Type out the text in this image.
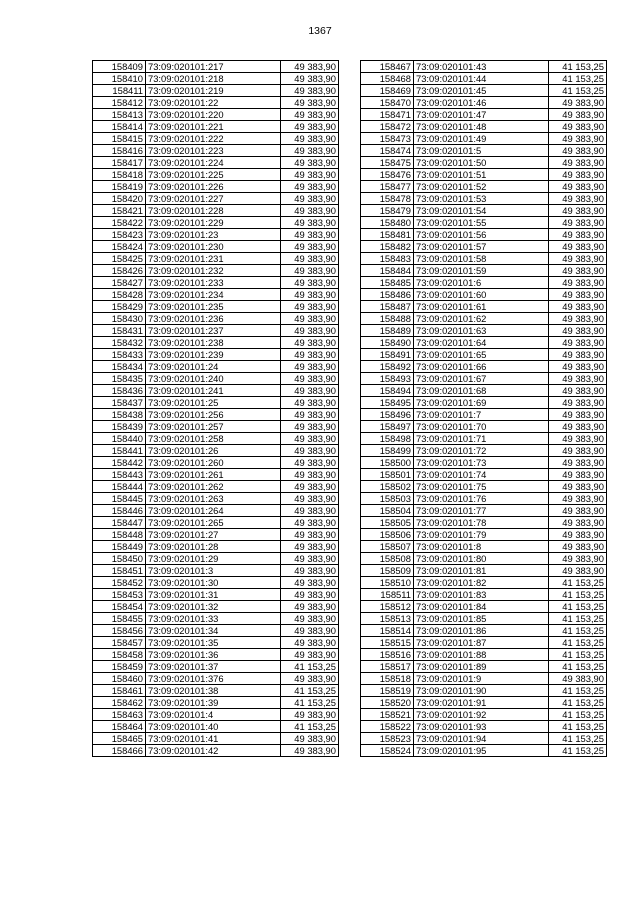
1367
158409	73:09:020101:217	49 383,90
158410	73:09:020101:218	49 383,90
158411	73:09:020101:219	49 383,90
158412	73:09:020101:22	49 383,90
158413	73:09:020101:220	49 383,90
158414	73:09:020101:221	49 383,90
158415	73:09:020101:222	49 383,90
158416	73:09:020101:223	49 383,90
158417	73:09:020101:224	49 383,90
158418	73:09:020101:225	49 383,90
158419	73:09:020101:226	49 383,90
158420	73:09:020101:227	49 383,90
158421	73:09:020101:228	49 383,90
158422	73:09:020101:229	49 383,90
158423	73:09:020101:23	49 383,90
158424	73:09:020101:230	49 383,90
158425	73:09:020101:231	49 383,90
158426	73:09:020101:232	49 383,90
158427	73:09:020101:233	49 383,90
158428	73:09:020101:234	49 383,90
158429	73:09:020101:235	49 383,90
158430	73:09:020101:236	49 383,90
158431	73:09:020101:237	49 383,90
158432	73:09:020101:238	49 383,90
158433	73:09:020101:239	49 383,90
158434	73:09:020101:24	49 383,90
158435	73:09:020101:240	49 383,90
158436	73:09:020101:241	49 383,90
158437	73:09:020101:25	49 383,90
158438	73:09:020101:256	49 383,90
158439	73:09:020101:257	49 383,90
158440	73:09:020101:258	49 383,90
158441	73:09:020101:26	49 383,90
158442	73:09:020101:260	49 383,90
158443	73:09:020101:261	49 383,90
158444	73:09:020101:262	49 383,90
158445	73:09:020101:263	49 383,90
158446	73:09:020101:264	49 383,90
158447	73:09:020101:265	49 383,90
158448	73:09:020101:27	49 383,90
158449	73:09:020101:28	49 383,90
158450	73:09:020101:29	49 383,90
158451	73:09:020101:3	49 383,90
158452	73:09:020101:30	49 383,90
158453	73:09:020101:31	49 383,90
158454	73:09:020101:32	49 383,90
158455	73:09:020101:33	49 383,90
158456	73:09:020101:34	49 383,90
158457	73:09:020101:35	49 383,90
158458	73:09:020101:36	49 383,90
158459	73:09:020101:37	41 153,25
158460	73:09:020101:376	49 383,90
158461	73:09:020101:38	41 153,25
158462	73:09:020101:39	41 153,25
158463	73:09:020101:4	49 383,90
158464	73:09:020101:40	41 153,25
158465	73:09:020101:41	49 383,90
158466	73:09:020101:42	49 383,90
158467	73:09:020101:43	41 153,25
158468	73:09:020101:44	41 153,25
158469	73:09:020101:45	41 153,25
158470	73:09:020101:46	49 383,90
158471	73:09:020101:47	49 383,90
158472	73:09:020101:48	49 383,90
158473	73:09:020101:49	49 383,90
158474	73:09:020101:5	49 383,90
158475	73:09:020101:50	49 383,90
158476	73:09:020101:51	49 383,90
158477	73:09:020101:52	49 383,90
158478	73:09:020101:53	49 383,90
158479	73:09:020101:54	49 383,90
158480	73:09:020101:55	49 383,90
158481	73:09:020101:56	49 383,90
158482	73:09:020101:57	49 383,90
158483	73:09:020101:58	49 383,90
158484	73:09:020101:59	49 383,90
158485	73:09:020101:6	49 383,90
158486	73:09:020101:60	49 383,90
158487	73:09:020101:61	49 383,90
158488	73:09:020101:62	49 383,90
158489	73:09:020101:63	49 383,90
158490	73:09:020101:64	49 383,90
158491	73:09:020101:65	49 383,90
158492	73:09:020101:66	49 383,90
158493	73:09:020101:67	49 383,90
158494	73:09:020101:68	49 383,90
158495	73:09:020101:69	49 383,90
158496	73:09:020101:7	49 383,90
158497	73:09:020101:70	49 383,90
158498	73:09:020101:71	49 383,90
158499	73:09:020101:72	49 383,90
158500	73:09:020101:73	49 383,90
158501	73:09:020101:74	49 383,90
158502	73:09:020101:75	49 383,90
158503	73:09:020101:76	49 383,90
158504	73:09:020101:77	49 383,90
158505	73:09:020101:78	49 383,90
158506	73:09:020101:79	49 383,90
158507	73:09:020101:8	49 383,90
158508	73:09:020101:80	49 383,90
158509	73:09:020101:81	49 383,90
158510	73:09:020101:82	41 153,25
158511	73:09:020101:83	41 153,25
158512	73:09:020101:84	41 153,25
158513	73:09:020101:85	41 153,25
158514	73:09:020101:86	41 153,25
158515	73:09:020101:87	41 153,25
158516	73:09:020101:88	41 153,25
158517	73:09:020101:89	41 153,25
158518	73:09:020101:9	49 383,90
158519	73:09:020101:90	41 153,25
158520	73:09:020101:91	41 153,25
158521	73:09:020101:92	41 153,25
158522	73:09:020101:93	41 153,25
158523	73:09:020101:94	41 153,25
158524	73:09:020101:95	41 153,25
